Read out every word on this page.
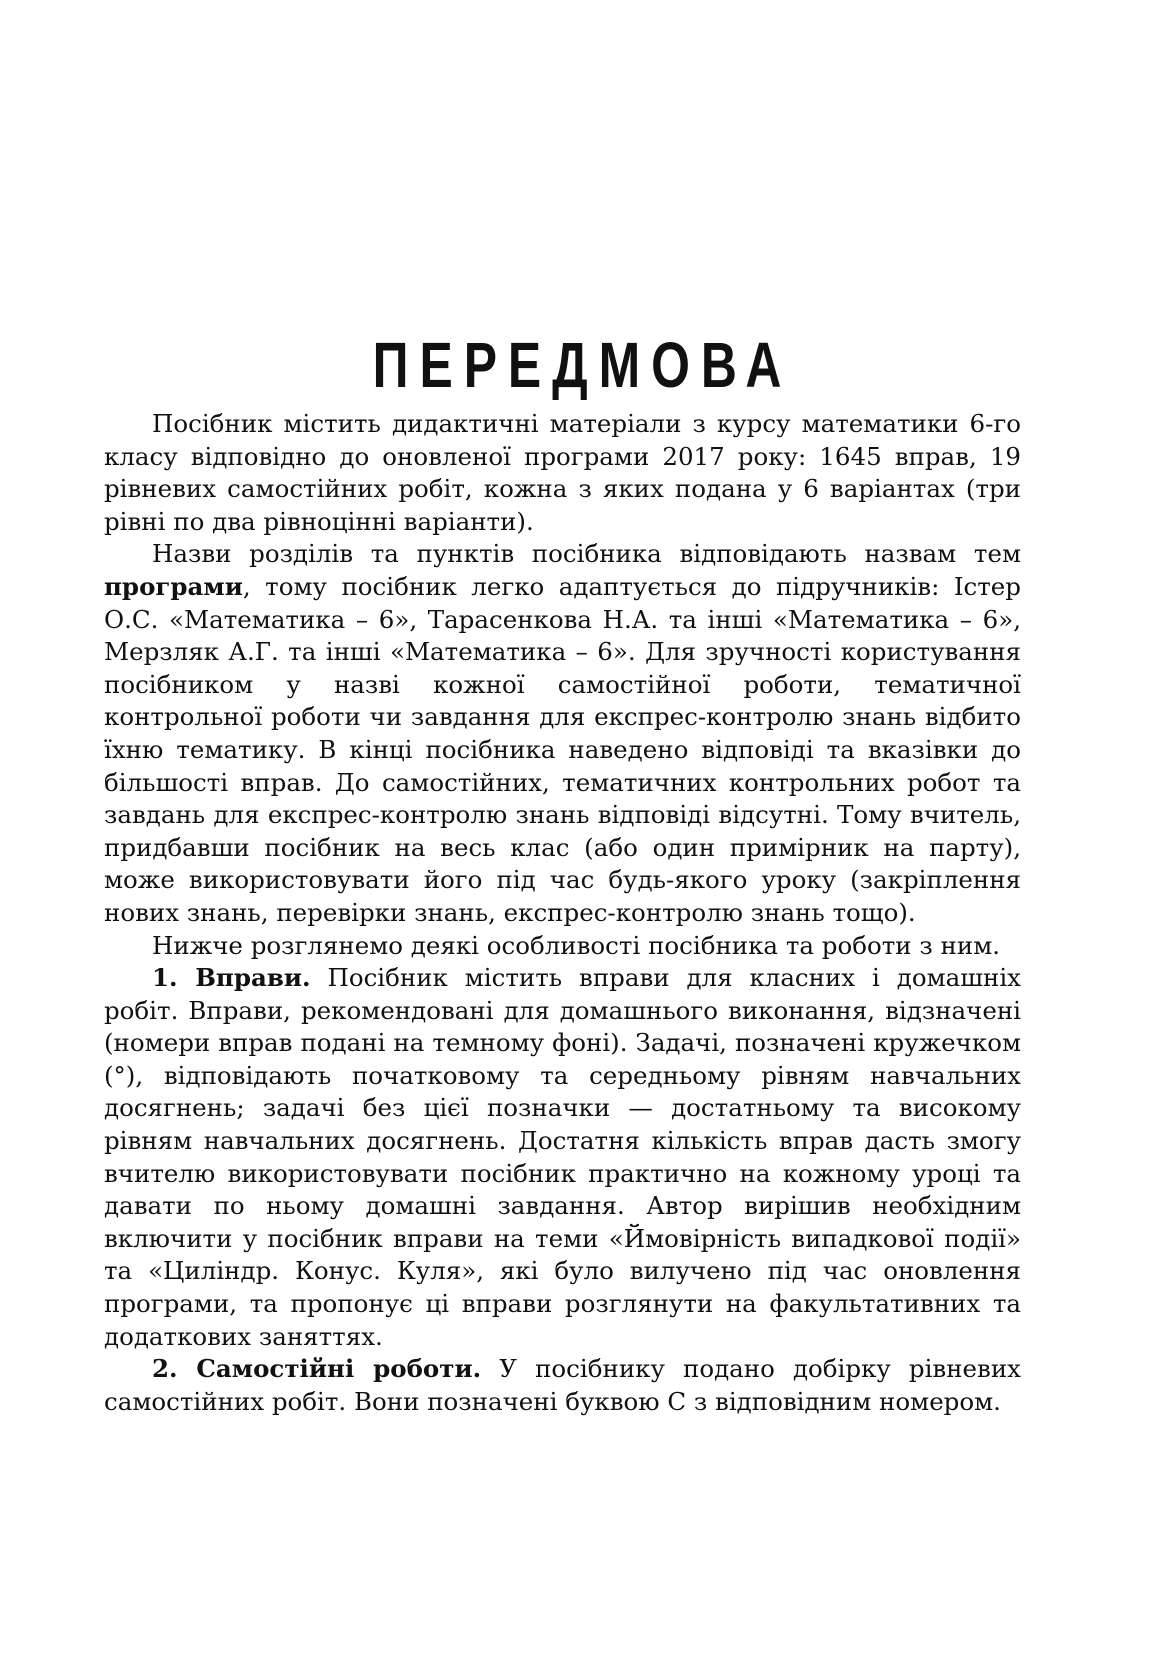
ПЕРЕДМОВА

Посібник містить дидактичні матеріали з курсу математики 6-го класу відповідно до оновленої програми 2017 року: 1645 вправ, 19 рівневих самостійних робіт, кожна з яких подана у 6 варіантах (три рівні по два рівноцінні варіанти).

Назви розділів та пунктів посібника відповідають назвам тем програми, тому посібник легко адаптується до підручників: Істер О.С. «Математика – 6», Тарасенкова Н.А. та інші «Математика – 6», Мерзляк А.Г. та інші «Математика – 6». Для зручності користування посібником у назві кожної самостійної роботи, тематичної контрольної роботи чи завдання для експрес-контролю знань відбито їхню тематику. В кінці посібника наведено відповіді та вказівки до більшості вправ. До самостійних, тематичних контрольних робот та завдань для експрес-контролю знань відповіді відсутні. Тому вчитель, придбавши посібник на весь клас (або один примірник на парту), може використовувати його під час будь-якого уроку (закріплення нових знань, перевірки знань, експрес-контролю знань тощо).

Нижче розглянемо деякі особливості посібника та роботи з ним.

1. Вправи. Посібник містить вправи для класних і домашніх робіт. Вправи, рекомендовані для домашнього виконання, відзначені (номери вправ подані на темному фоні). Задачі, позначені кружечком (°), відповідають початковому та середньому рівням навчальних досягнень; задачі без цієї позначки — достатньому та високому рівням навчальних досягнень. Достатня кількість вправ дасть змогу вчителю використовувати посібник практично на кожному уроці та давати по ньому домашні завдання. Автор вирішив необхідним включити у посібник вправи на теми «Ймовірність випадкової події» та «Циліндр. Конус. Куля», які було вилучено під час оновлення програми, та пропонує ці вправи розглянути на факультативних та додаткових заняттях.

2. Самостійні роботи. У посібнику подано добірку рівневих самостійних робіт. Вони позначені буквою С з відповідним номером.
